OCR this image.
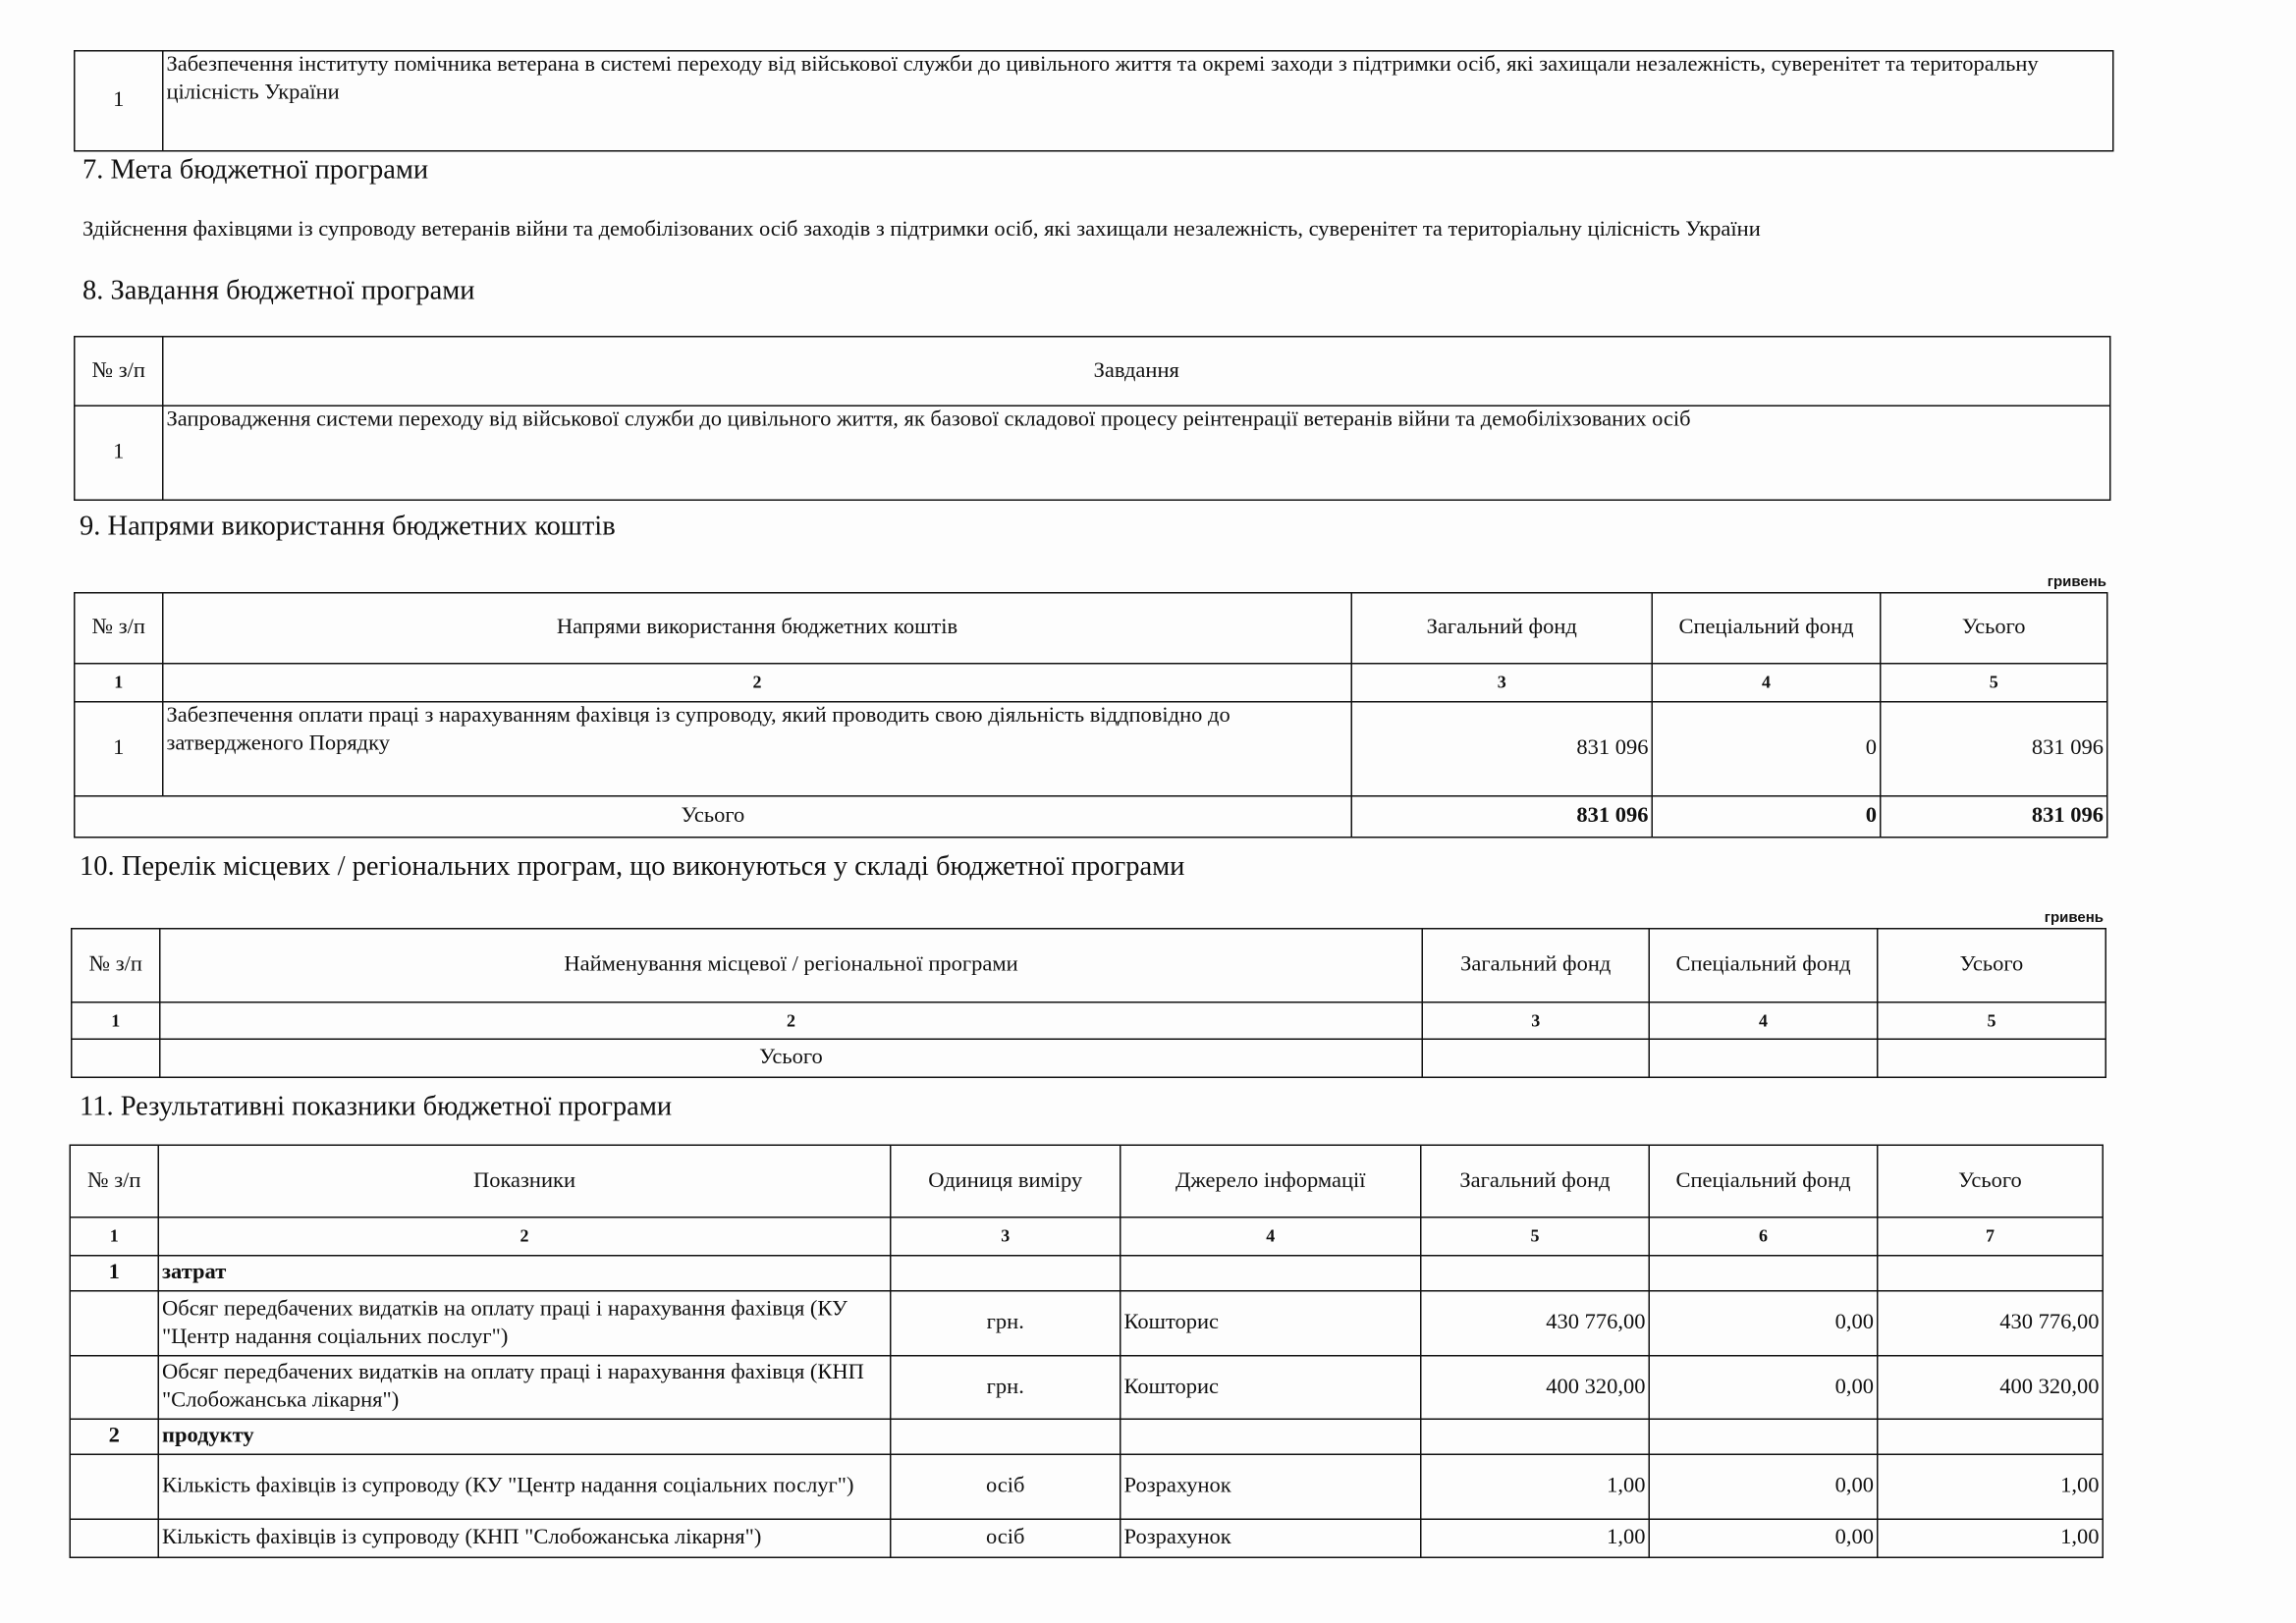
1	Забезпечення інституту помічника ветерана в системі переходу від військової служби до цивільного життя та окремі заходи з підтримки осіб, які захищали незалежність, суверенітет та територальну цілісність України
7. Мета бюджетної програми
Здійснення фахівцями із супроводу ветеранів війни та демобілізованих осіб заходів з підтримки осіб, які захищали незалежність, суверенітет та територіальну цілісність України
8. Завдання бюджетної програми
№ з/п	Завдання
1	Запровадження системи переходу від військової служби до цивільного життя, як базової складової процесу реінтенрації ветеранів війни та демобіліхзованих осіб
9. Напрями використання бюджетних коштів
гривень
№ з/п	Напрями використання бюджетних коштів	Загальний фонд	Спеціальний фонд	Усього
1	2	3	4	5
1	Забезпечення оплати праці з нарахуванням фахівця із супроводу, який проводить свою діяльність віддповідно до затвердженого Порядку	831 096	0	831 096
Усього		831 096	0	831 096
10. Перелік місцевих / регіональних програм, що виконуються у складі бюджетної програми
гривень
№ з/п	Найменування місцевої / регіональної програми	Загальний фонд	Спеціальний фонд	Усього
1	2	3	4	5
	Усього			
11. Результативні показники бюджетної програми
№ з/п	Показники	Одиниця виміру	Джерело інформації	Загальний фонд	Спеціальний фонд	Усього
1	2	3	4	5	6	7
1	затрат					
	Обсяг передбачених видатків на оплату праці і нарахування фахівця (КУ "Центр надання соціальних послуг")	грн.	Кошторис	430 776,00	0,00	430 776,00
	Обсяг передбачених видатків на оплату праці і нарахування фахівця (КНП "Слобожанська лікарня")	грн.	Кошторис	400 320,00	0,00	400 320,00
2	продукту					
	Кількість фахівців із супроводу (КУ "Центр надання соціальних послуг")	осіб	Розрахунок	1,00	0,00	1,00
	Кількість фахівців із супроводу (КНП "Слобожанська лікарня")	осіб	Розрахунок	1,00	0,00	1,00
